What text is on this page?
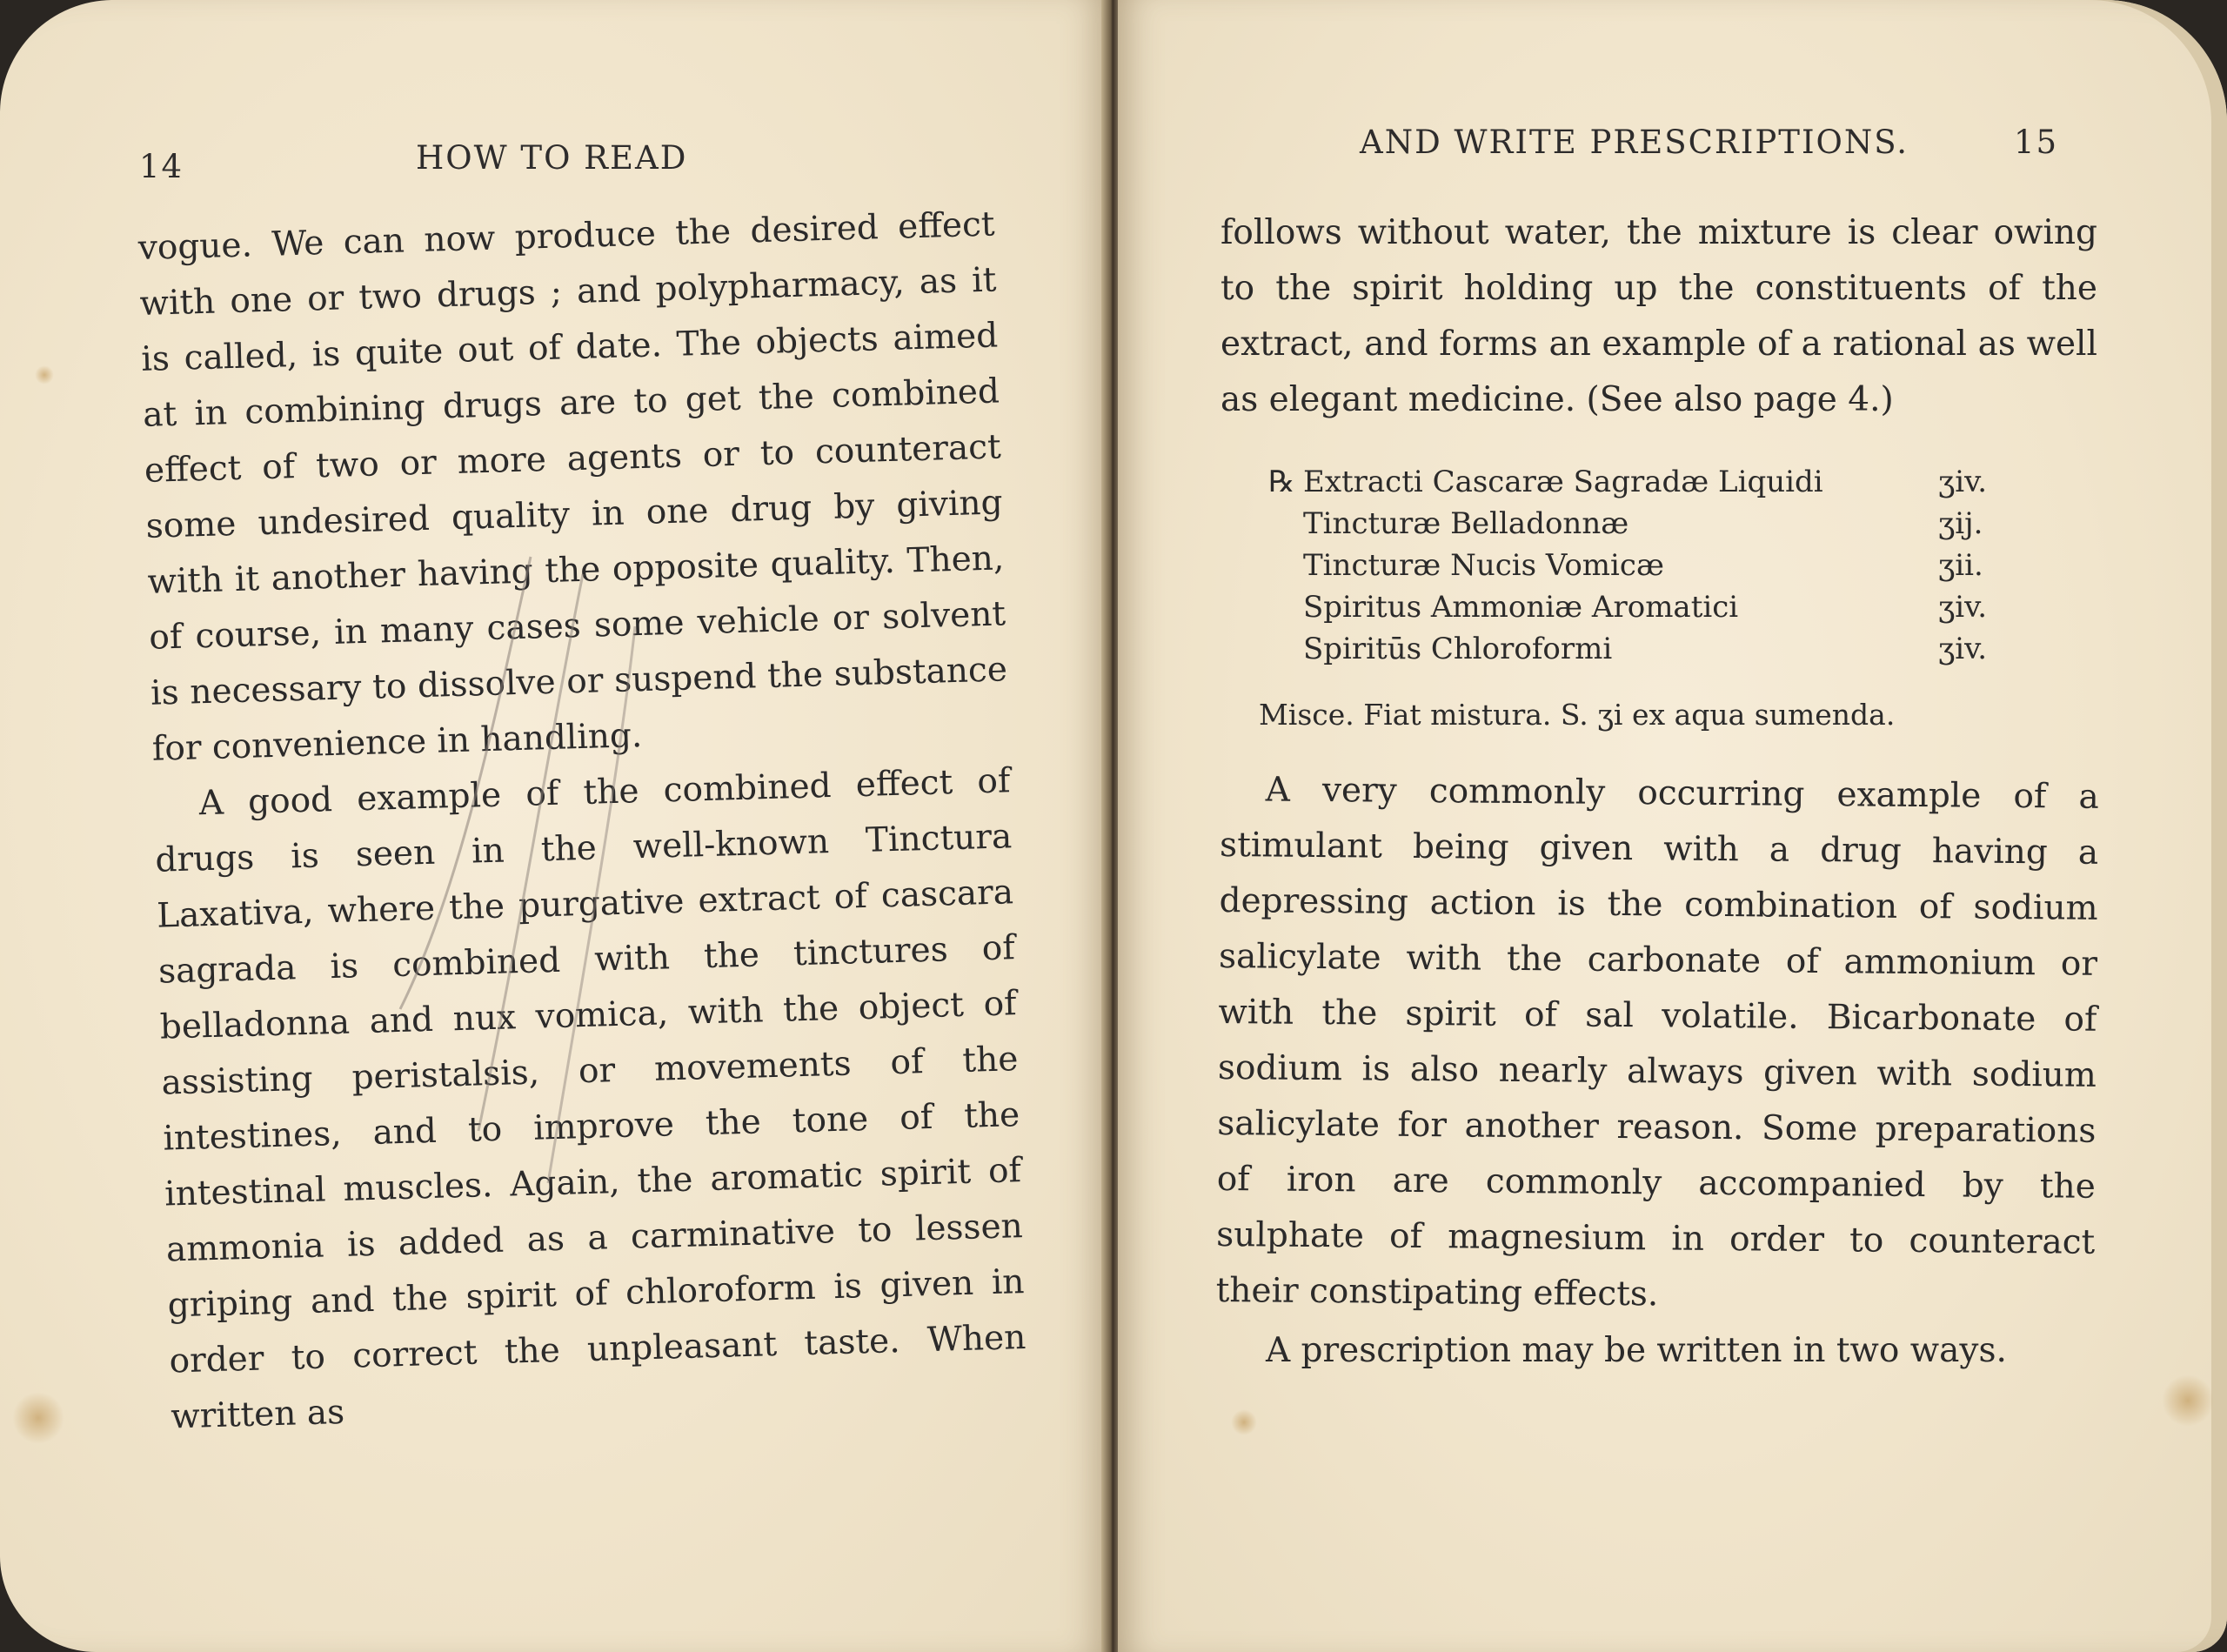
14	HOW TO READ

vogue. We can now produce the desired effect with one or two drugs ; and polypharmacy, as it is called, is quite out of date. The objects aimed at in combining drugs are to get the combined effect of two or more agents or to counteract some undesired quality in one drug by giving with it another having the opposite quality. Then, of course, in many cases some vehicle or solvent is necessary to dissolve or suspend the substance for convenience in handling.

A good example of the combined effect of drugs is seen in the well-known Tinctura Laxativa, where the purgative extract of cascara sagrada is combined with the tinctures of belladonna and nux vomica, with the object of assisting peristalsis, or movements of the intestines, and to improve the tone of the intestinal muscles. Again, the aromatic spirit of ammonia is added as a carminative to lessen griping and the spirit of chloroform is given in order to correct the unpleasant taste. When written as

AND WRITE PRESCRIPTIONS.	15

follows without water, the mixture is clear owing to the spirit holding up the constituents of the extract, and forms an example of a rational as well as elegant medicine. (See also page 4.)

℞ Extracti Cascaræ Sagradæ Liquidi	ʒiv.
Tincturæ Belladonnæ	ʒij.
Tincturæ Nucis Vomicæ	ʒii.
Spiritus Ammoniæ Aromatici	ʒiv.
Spiritūs Chloroformi	ʒiv.
Misce. Fiat mistura. S. ʒi ex aqua sumenda.

A very commonly occurring example of a stimulant being given with a drug having a depressing action is the combination of sodium salicylate with the carbonate of ammonium or with the spirit of sal volatile. Bicarbonate of sodium is also nearly always given with sodium salicylate for another reason. Some preparations of iron are commonly accompanied by the sulphate of magnesium in order to counteract their constipating effects.

A prescription may be written in two ways.
